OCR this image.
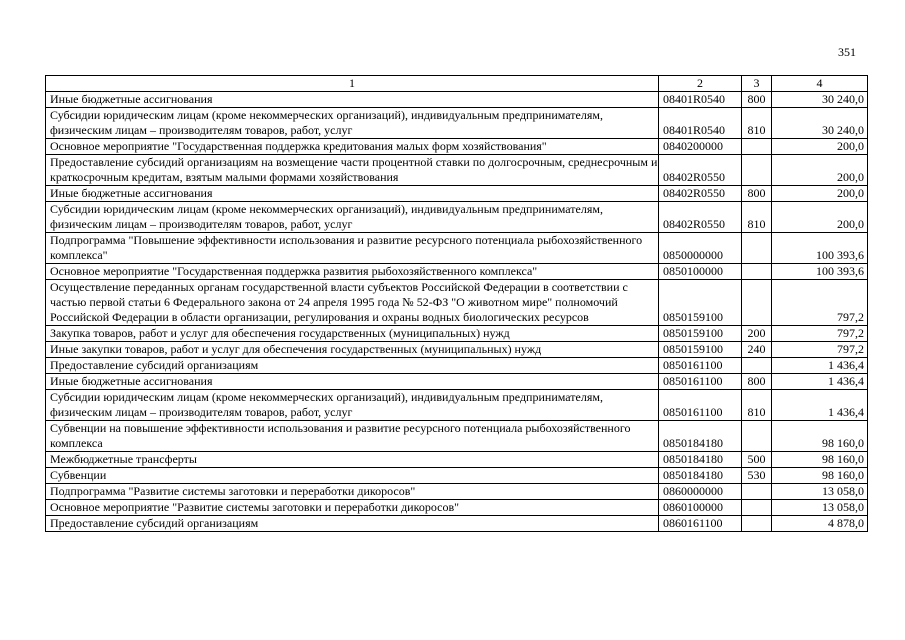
351
1	2	3	4
Иные бюджетные ассигнования	08401R0540	800	30 240,0
Субсидии юридическим лицам (кроме некоммерческих организаций), индивидуальным предпринимателям, физическим лицам – производителям товаров, работ, услуг	08401R0540	810	30 240,0
Основное мероприятие "Государственная поддержка кредитования малых форм хозяйствования"	0840200000		200,0
Предоставление субсидий организациям на возмещение части процентной ставки по долгосрочным, среднесрочным и краткосрочным кредитам, взятым малыми формами хозяйствования	08402R0550		200,0
Иные бюджетные ассигнования	08402R0550	800	200,0
Субсидии юридическим лицам (кроме некоммерческих организаций), индивидуальным предпринимателям, физическим лицам – производителям товаров, работ, услуг	08402R0550	810	200,0
Подпрограмма "Повышение эффективности использования и развитие ресурсного потенциала рыбохозяйственного комплекса"	0850000000		100 393,6
Основное мероприятие "Государственная поддержка развития рыбохозяйственного комплекса"	0850100000		100 393,6
Осуществление переданных органам государственной власти субъектов Российской Федерации в соответствии с частью первой статьи 6 Федерального закона от 24 апреля 1995 года № 52-ФЗ "О животном мире" полномочий Российской Федерации в области организации, регулирования и охраны водных биологических ресурсов	0850159100		797,2
Закупка товаров, работ и услуг для обеспечения государственных (муниципальных) нужд	0850159100	200	797,2
Иные закупки товаров, работ и услуг для обеспечения государственных (муниципальных) нужд	0850159100	240	797,2
Предоставление субсидий организациям	0850161100		1 436,4
Иные бюджетные ассигнования	0850161100	800	1 436,4
Субсидии юридическим лицам (кроме некоммерческих организаций), индивидуальным предпринимателям, физическим лицам – производителям товаров, работ, услуг	0850161100	810	1 436,4
Субвенции на повышение эффективности использования и развитие ресурсного потенциала рыбохозяйственного комплекса	0850184180		98 160,0
Межбюджетные трансферты	0850184180	500	98 160,0
Субвенции	0850184180	530	98 160,0
Подпрограмма "Развитие системы заготовки и переработки дикоросов"	0860000000		13 058,0
Основное мероприятие "Развитие системы заготовки и переработки дикоросов"	0860100000		13 058,0
Предоставление субсидий организациям	0860161100		4 878,0
